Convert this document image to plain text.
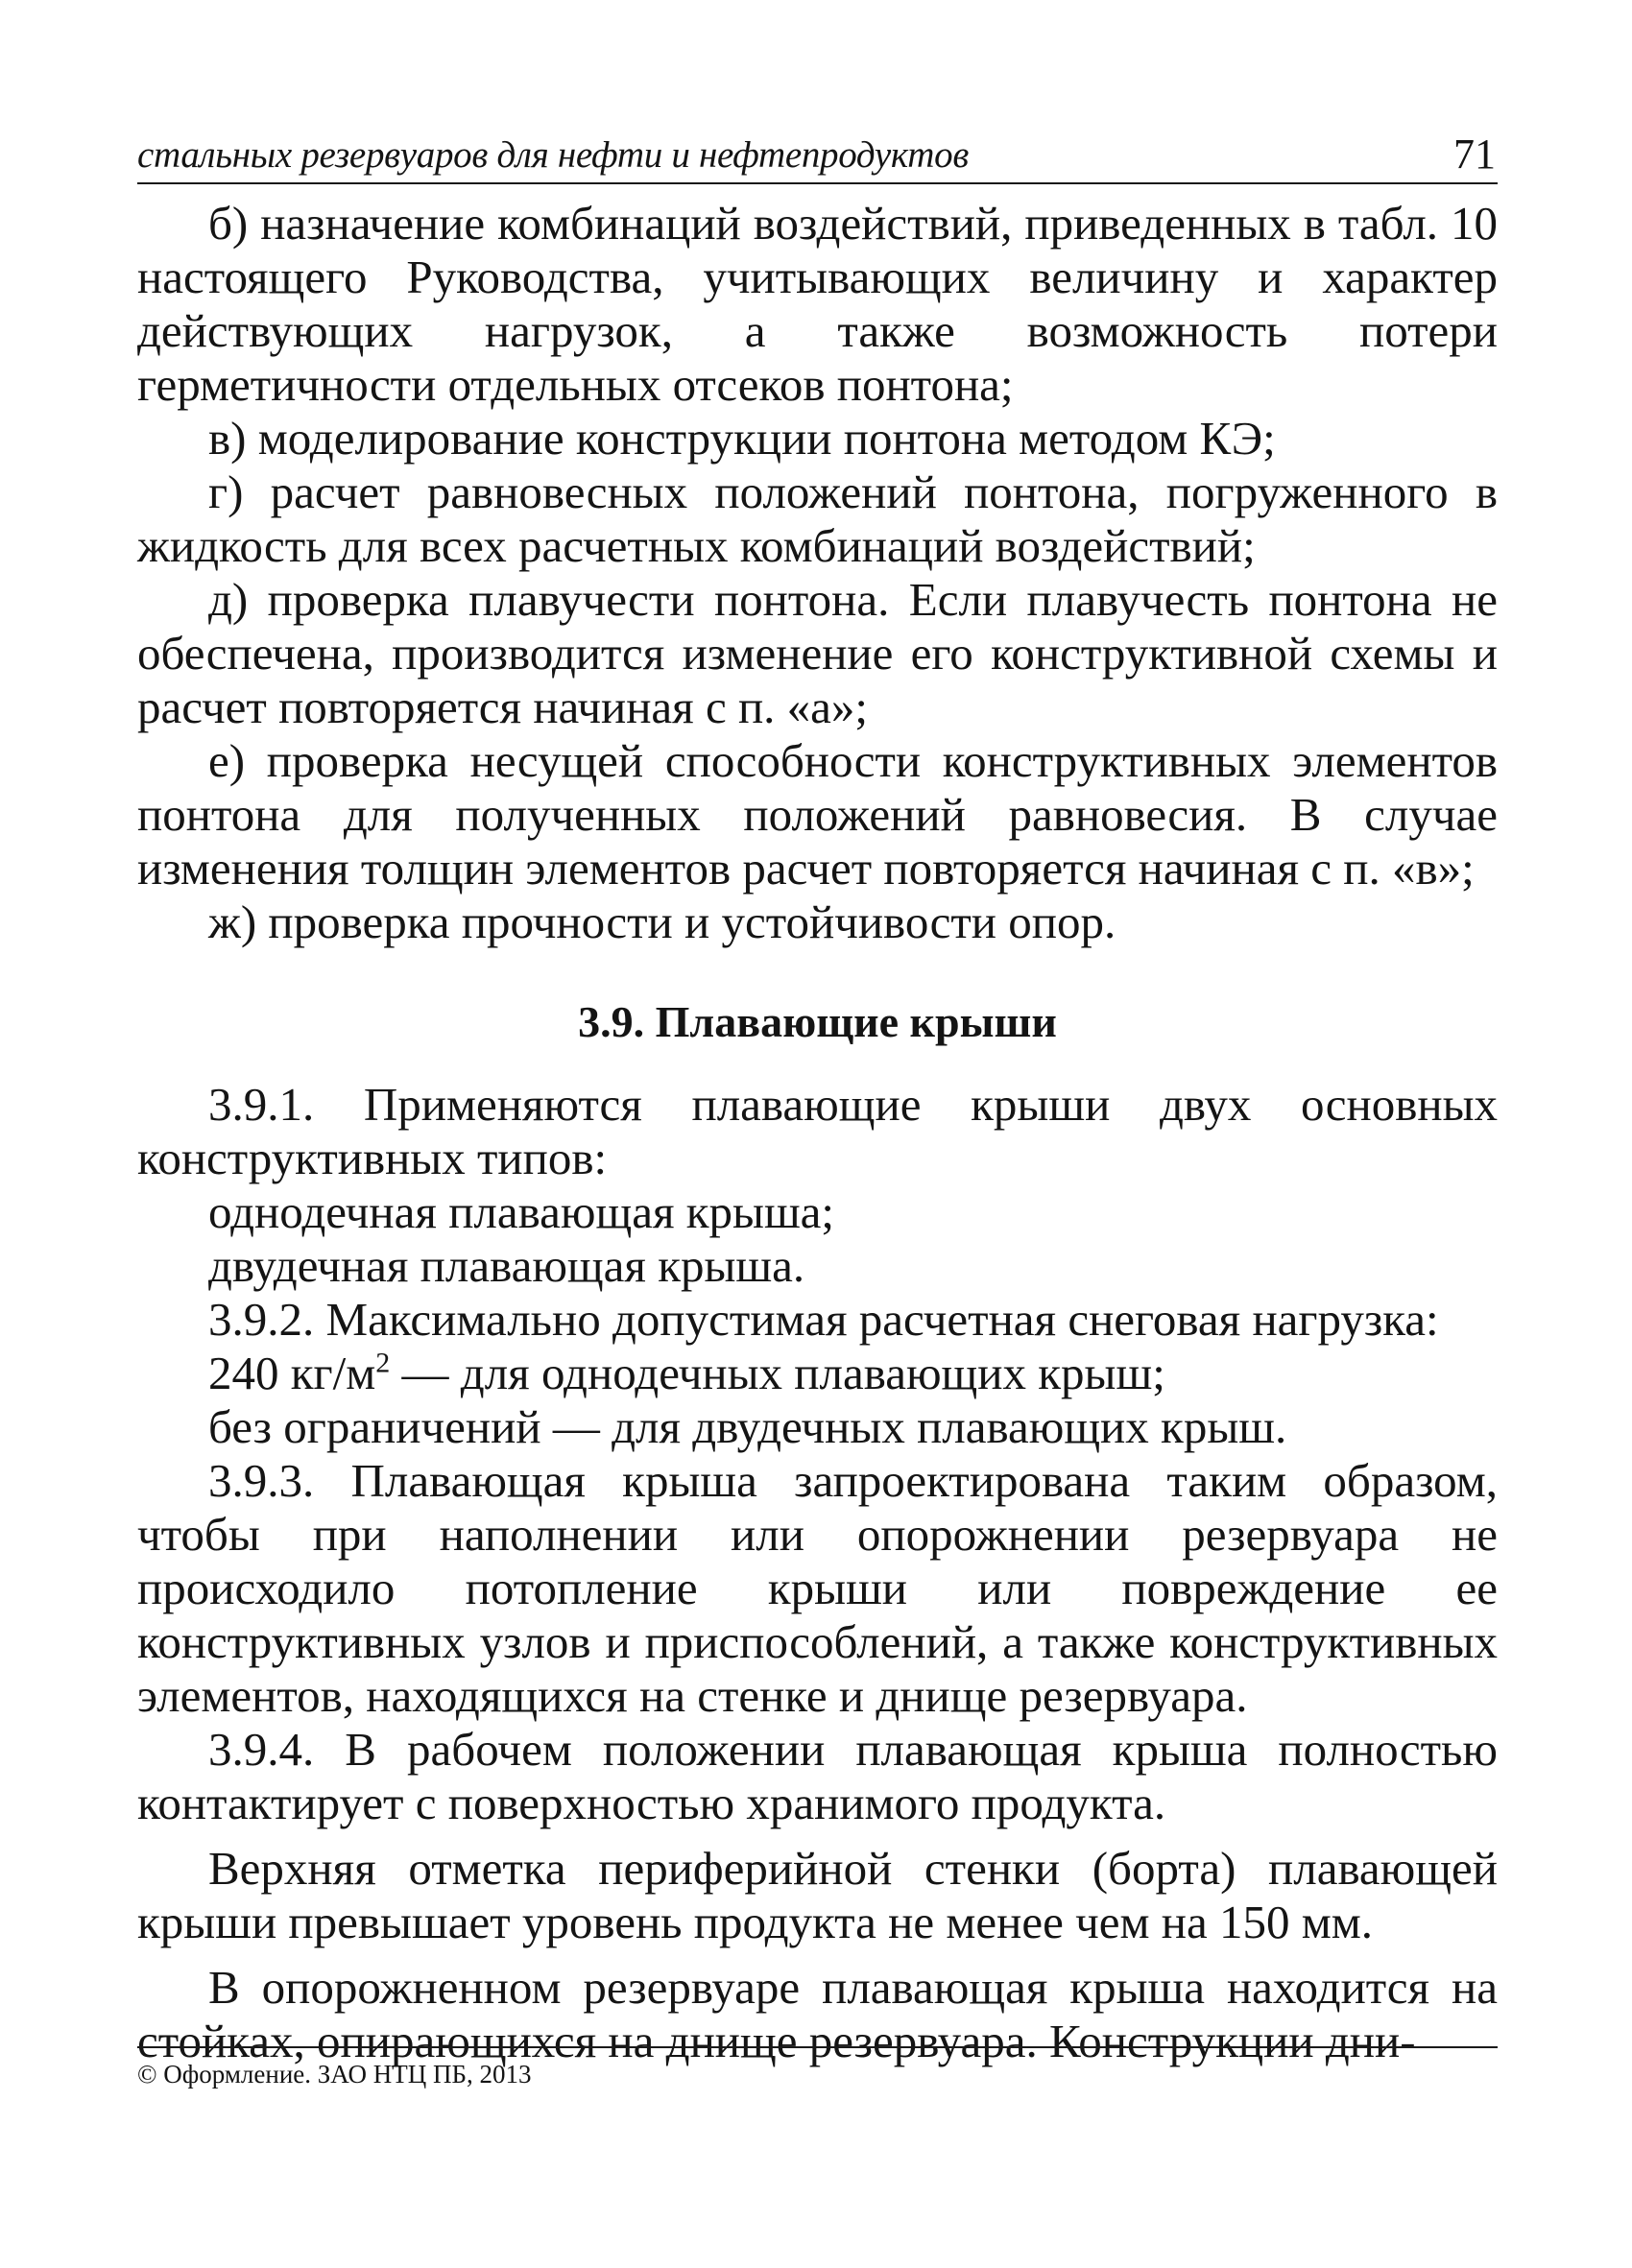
стальных резервуаров для нефти и нефтепродуктов	71

б) назначение комбинаций воздействий, приведенных в табл. 10 настоящего Руководства, учитывающих величину и характер действующих нагрузок, а также возможность потери герметичности отдельных отсеков понтона;

в) моделирование конструкции понтона методом КЭ;

г) расчет равновесных положений понтона, погруженного в жидкость для всех расчетных комбинаций воздействий;

д) проверка плавучести понтона. Если плавучесть понтона не обеспечена, производится изменение его конструктивной схемы и расчет повторяется начиная с п. «а»;

е) проверка несущей способности конструктивных элементов понтона для полученных положений равновесия. В случае изменения толщин элементов расчет повторяется начиная с п. «в»;

ж) проверка прочности и устойчивости опор.

3.9. Плавающие крыши

3.9.1. Применяются плавающие крыши двух основных конструктивных типов:

однодечная плавающая крыша;

двудечная плавающая крыша.

3.9.2. Максимально допустимая расчетная снеговая нагрузка:

240 $кг/м^2$ — для однодечных плавающих крыш;

без ограничений — для двудечных плавающих крыш.

3.9.3. Плавающая крыша запроектирована таким образом, чтобы при наполнении или опорожнении резервуара не происходило потопление крыши или повреждение ее конструктивных узлов и приспособлений, а также конструктивных элементов, находящихся на стенке и днище резервуара.

3.9.4. В рабочем положении плавающая крыша полностью контактирует с поверхностью хранимого продукта.

Верхняя отметка периферийной стенки (борта) плавающей крыши превышает уровень продукта не менее чем на 150 мм.

В опорожненном резервуаре плавающая крыша находится на стойках, опирающихся на днище резервуара. Конструкции дни-

© Оформление. ЗАО НТЦ ПБ, 2013
